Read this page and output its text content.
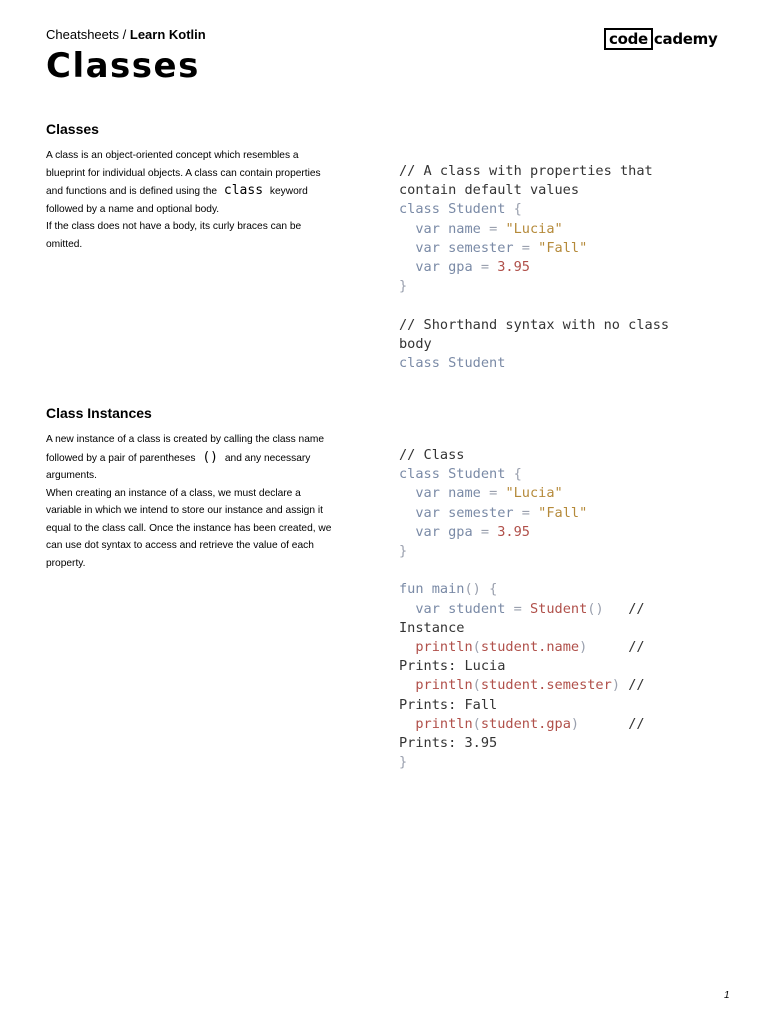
Cheatsheets / Learn Kotlin	code cademy
Classes
Classes

A class is an object-oriented concept which resembles a blueprint for individual objects. A class can contain properties and functions and is defined using the class keyword followed by a name and optional body.
If the class does not have a body, its curly braces can be omitted.

// A class with properties that
contain default values
class Student {
var name = "Lucia"
var semester = "Fall"
var gpa = 3.95
}

// Shorthand syntax with no class
body
class Student
Class Instances

A new instance of a class is created by calling the class name followed by a pair of parentheses () and any necessary arguments.
When creating an instance of a class, we must declare a variable in which we intend to store our instance and assign it equal to the class call. Once the instance has been created, we can use dot syntax to access and retrieve the value of each property.

// Class
class Student {
var name = "Lucia"
var semester = "Fall"
var gpa = 3.95
}

fun main() {
var student = Student() //
Instance
println(student.name)	//
Prints: Lucia
println(student.semester) //
Prints: Fall
println(student.gpa)	//
Prints: 3.95
}
1
